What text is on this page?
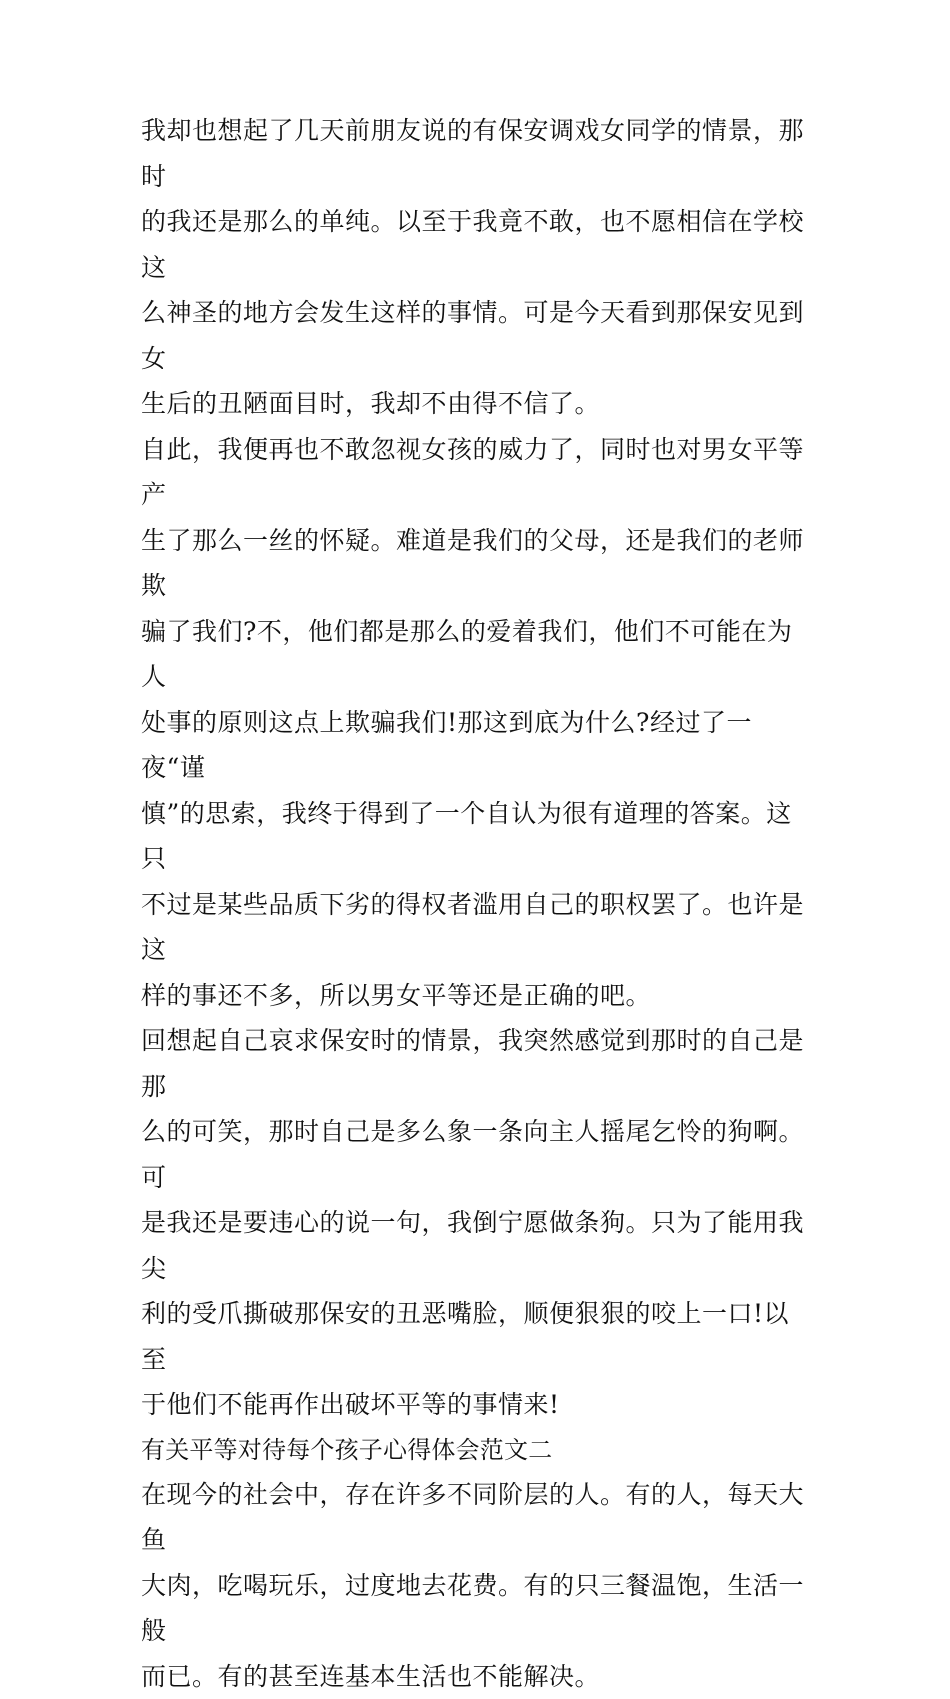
我却也想起了几天前朋友说的有保安调戏女同学的情景，那时
的我还是那么的单纯。以至于我竟不敢，也不愿相信在学校这
么神圣的地方会发生这样的事情。可是今天看到那保安见到女
生后的丑陋面目时，我却不由得不信了。

自此，我便再也不敢忽视女孩的威力了，同时也对男女平等产
生了那么一丝的怀疑。难道是我们的父母，还是我们的老师欺
骗了我们?不，他们都是那么的爱着我们，他们不可能在为人
处事的原则这点上欺骗我们!那这到底为什么?经过了一夜“谨
慎”的思索，我终于得到了一个自认为很有道理的答案。这只
不过是某些品质下劣的得权者滥用自己的职权罢了。也许是这
样的事还不多，所以男女平等还是正确的吧。

回想起自己哀求保安时的情景，我突然感觉到那时的自己是那
么的可笑，那时自己是多么象一条向主人摇尾乞怜的狗啊。可
是我还是要违心的说一句，我倒宁愿做条狗。只为了能用我尖
利的受爪撕破那保安的丑恶嘴脸，顺便狠狠的咬上一口!以至
于他们不能再作出破坏平等的事情来!

有关平等对待每个孩子心得体会范文二

在现今的社会中，存在许多不同阶层的人。有的人，每天大鱼
大肉，吃喝玩乐，过度地去花费。有的只三餐温饱，生活一般
而已。有的甚至连基本生活也不能解决。
